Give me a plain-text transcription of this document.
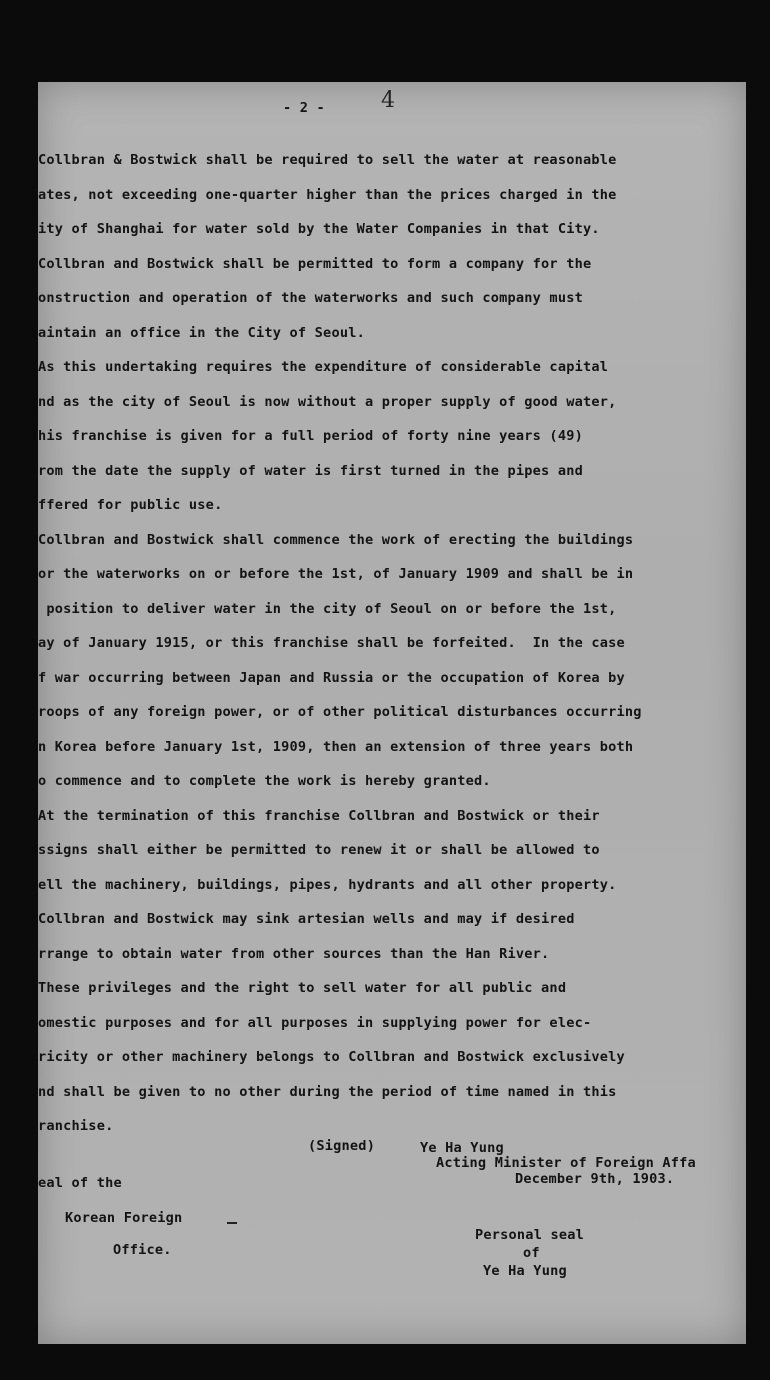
- 2 -	4
Collbran & Bostwick shall be required to sell the water at reasonable
ates, not exceeding one-quarter higher than the prices charged in the
ity of Shanghai for water sold by the Water Companies in that City.
Collbran and Bostwick shall be permitted to form a company for the
onstruction and operation of the waterworks and such company must
aintain an office in the City of Seoul.
As this undertaking requires the expenditure of considerable capital
nd as the city of Seoul is now without a proper supply of good water,
his franchise is given for a full period of forty nine years (49)
rom the date the supply of water is first turned in the pipes and
ffered for public use.
Collbran and Bostwick shall commence the work of erecting the buildings
or the waterworks on or before the 1st, of January 1909 and shall be in
position to deliver water in the city of Seoul on or before the 1st,
ay of January 1915, or this franchise shall be forfeited.  In the case
f war occurring between Japan and Russia or the occupation of Korea by
roops of any foreign power, or of other political disturbances occurring
n Korea before January 1st, 1909, then an extension of three years both
o commence and to complete the work is hereby granted.
At the termination of this franchise Collbran and Bostwick or their
ssigns shall either be permitted to renew it or shall be allowed to
ell the machinery, buildings, pipes, hydrants and all other property.
Collbran and Bostwick may sink artesian wells and may if desired
rrange to obtain water from other sources than the Han River.
These privileges and the right to sell water for all public and
omestic purposes and for all purposes in supplying power for elec-
ricity or other machinery belongs to Collbran and Bostwick exclusively
nd shall be given to no other during the period of time named in this
ranchise.
(Signed)	Ye Ha Yung
Acting Minister of Foreign Affa
December 9th, 1903.
eal of the
Korean Foreign
Office.
Personal seal
of
Ye Ha Yung
